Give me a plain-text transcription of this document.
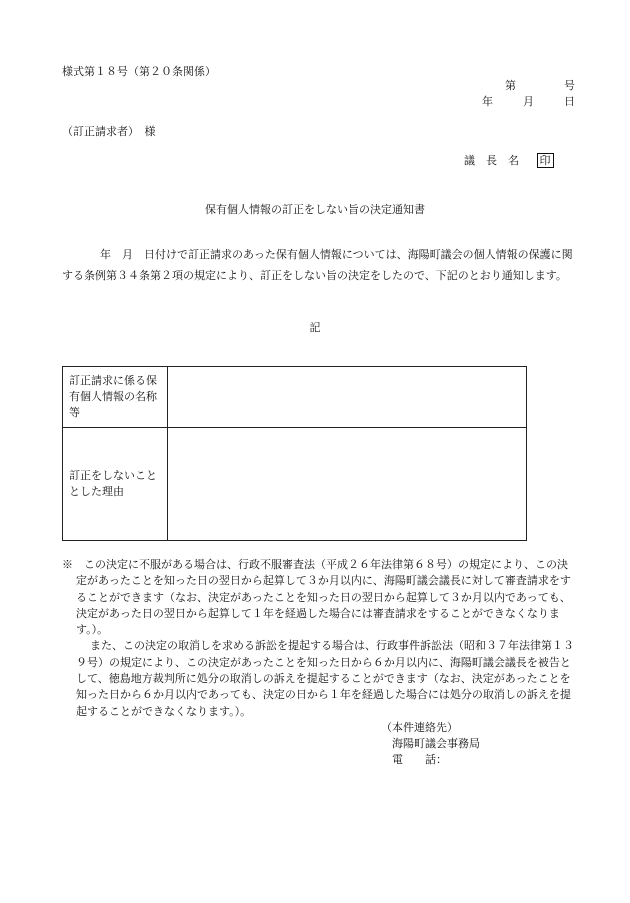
様式第１８号（第２０条関係）
第	号
年	月	日
（訂正請求者）　様
議　長　名 印
保有個人情報の訂正をしない旨の決定通知書
年　月　日付けで訂正請求のあった保有個人情報については、海陽町議会の個人情報の保護に関する条例第３４条第２項の規定により、訂正をしない旨の決定をしたので、下記のとおり通知します。
記
訂正請求に係る保有個人情報の名称等	
訂正をしないこととした理由	

※　この決定に不服がある場合は、行政不服審査法（平成２６年法律第６８号）の規定により、この決定があったことを知った日の翌日から起算して３か月以内に、海陽町議会議長に対して審査請求をすることができます（なお、決定があったことを知った日の翌日から起算して３か月以内であっても、決定があった日の翌日から起算して１年を経過した場合には審査請求をすることができなくなります。）。

また、この決定の取消しを求める訴訟を提起する場合は、行政事件訴訟法（昭和３７年法律第１３９号）の規定により、この決定があったことを知った日から６か月以内に、海陽町議会議長を被告として、徳島地方裁判所に処分の取消しの訴えを提起することができます（なお、決定があったことを知った日から６か月以内であっても、決定の日から１年を経過した場合には処分の取消しの訴えを提起することができなくなります。）。

（本件連絡先）
海陽町議会事務局
電　　話：
